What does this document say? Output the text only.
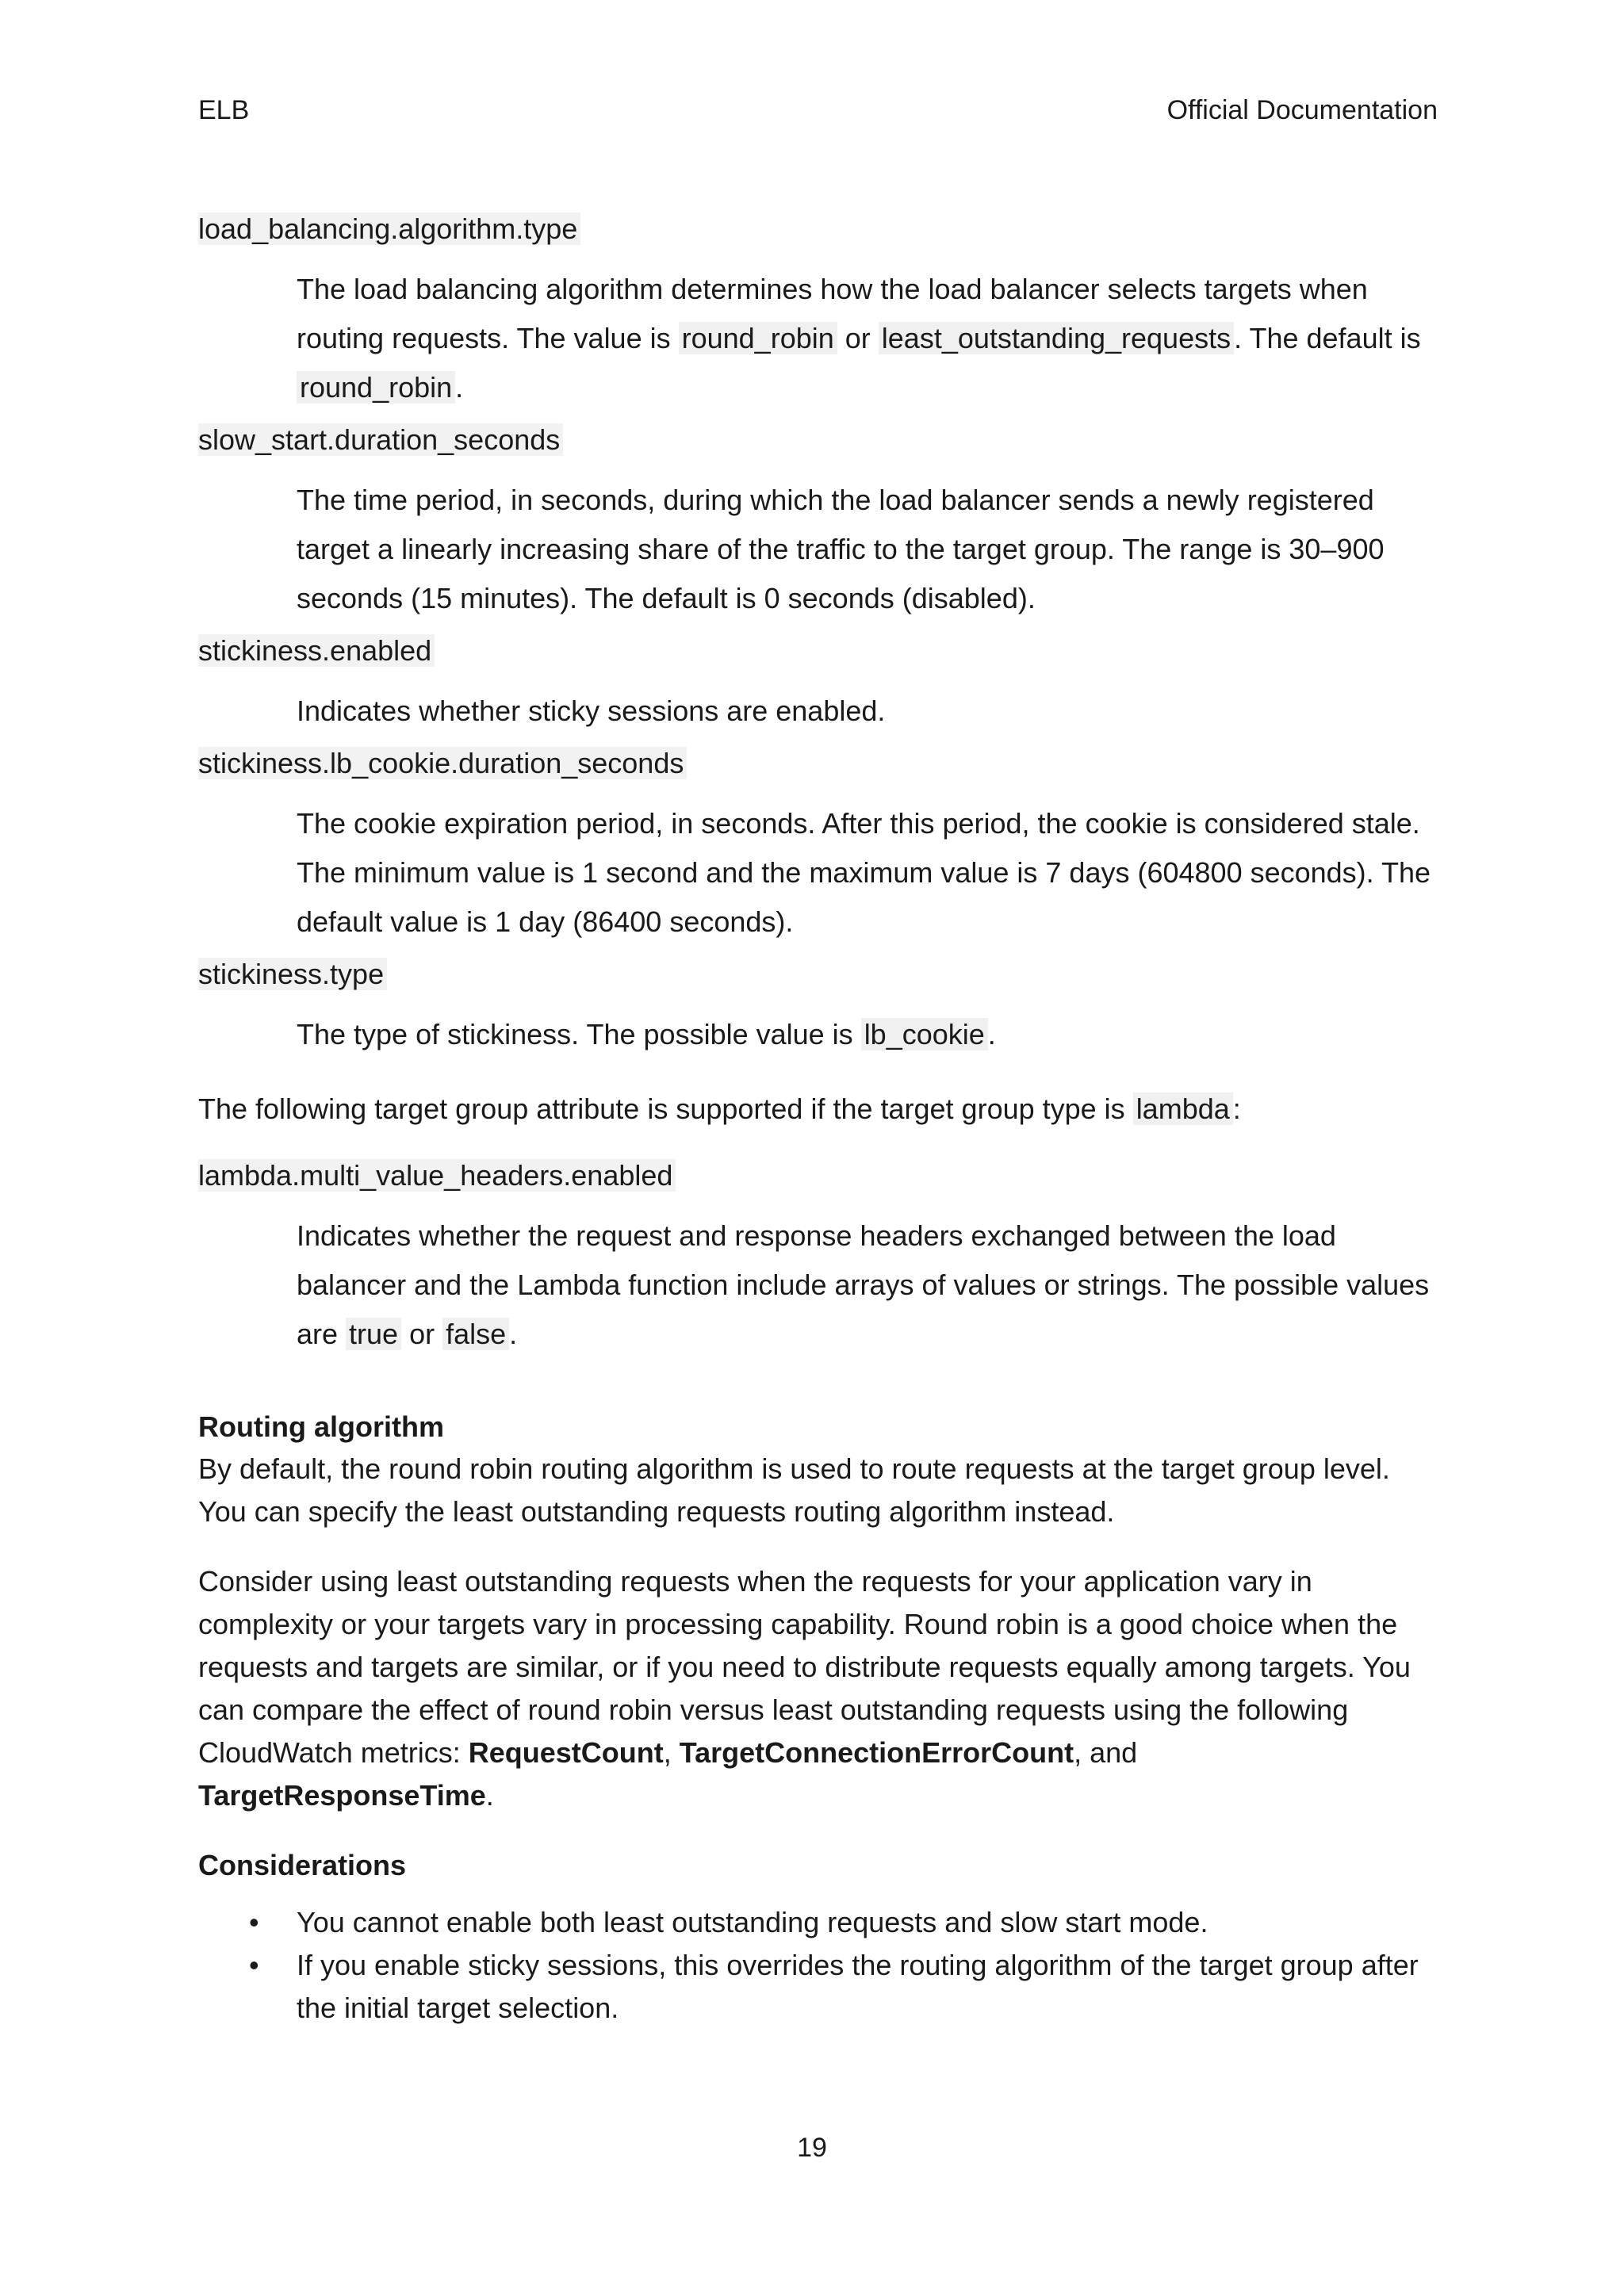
ELB	Official Documentation
load_balancing.algorithm.type
The load balancing algorithm determines how the load balancer selects targets when routing requests. The value is round_robin or least_outstanding_requests . The default is round_robin .
slow_start.duration_seconds
The time period, in seconds, during which the load balancer sends a newly registered target a linearly increasing share of the traffic to the target group. The range is 30–900 seconds (15 minutes). The default is 0 seconds (disabled).
stickiness.enabled
Indicates whether sticky sessions are enabled.
stickiness.lb_cookie.duration_seconds
The cookie expiration period, in seconds. After this period, the cookie is considered stale. The minimum value is 1 second and the maximum value is 7 days (604800 seconds). The default value is 1 day (86400 seconds).
stickiness.type
The type of stickiness. The possible value is lb_cookie .
The following target group attribute is supported if the target group type is lambda :
lambda.multi_value_headers.enabled
Indicates whether the request and response headers exchanged between the load balancer and the Lambda function include arrays of values or strings. The possible values are true or false .
Routing algorithm
By default, the round robin routing algorithm is used to route requests at the target group level. You can specify the least outstanding requests routing algorithm instead.
Consider using least outstanding requests when the requests for your application vary in complexity or your targets vary in processing capability. Round robin is a good choice when the requests and targets are similar, or if you need to distribute requests equally among targets. You can compare the effect of round robin versus least outstanding requests using the following CloudWatch metrics: RequestCount, TargetConnectionErrorCount, and TargetResponseTime.
Considerations
• You cannot enable both least outstanding requests and slow start mode.
• If you enable sticky sessions, this overrides the routing algorithm of the target group after the initial target selection.
19
